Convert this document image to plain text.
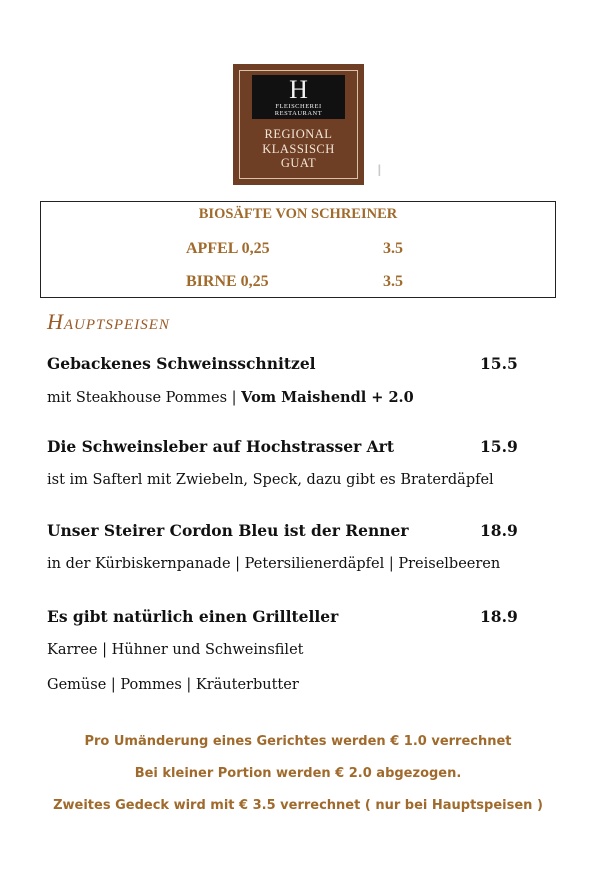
H
FLEISCHEREI
RESTAURANT
REGIONAL
KLASSISCH
GUAT	I
BIOSÄFTE VON SCHREINER
APFEL 0,25	3.5
BIRNE 0,25	3.5
Hauptspeisen
Gebackenes Schweinsschnitzel	15.5
mit Steakhouse Pommes | Vom Maishendl + 2.0
Die Schweinsleber auf Hochstrasser Art	15.9
ist im Safterl mit Zwiebeln, Speck, dazu gibt es Braterdäpfel
Unser Steirer Cordon Bleu ist der Renner	18.9
in der Kürbiskernpanade | Petersilienerdäpfel | Preiselbeeren
Es gibt natürlich einen Grillteller	18.9
Karree | Hühner und Schweinsfilet
Gemüse | Pommes | Kräuterbutter
Pro Umänderung eines Gerichtes werden € 1.0 verrechnet
Bei kleiner Portion werden € 2.0 abgezogen.
Zweites Gedeck wird mit € 3.5 verrechnet ( nur bei Hauptspeisen )
